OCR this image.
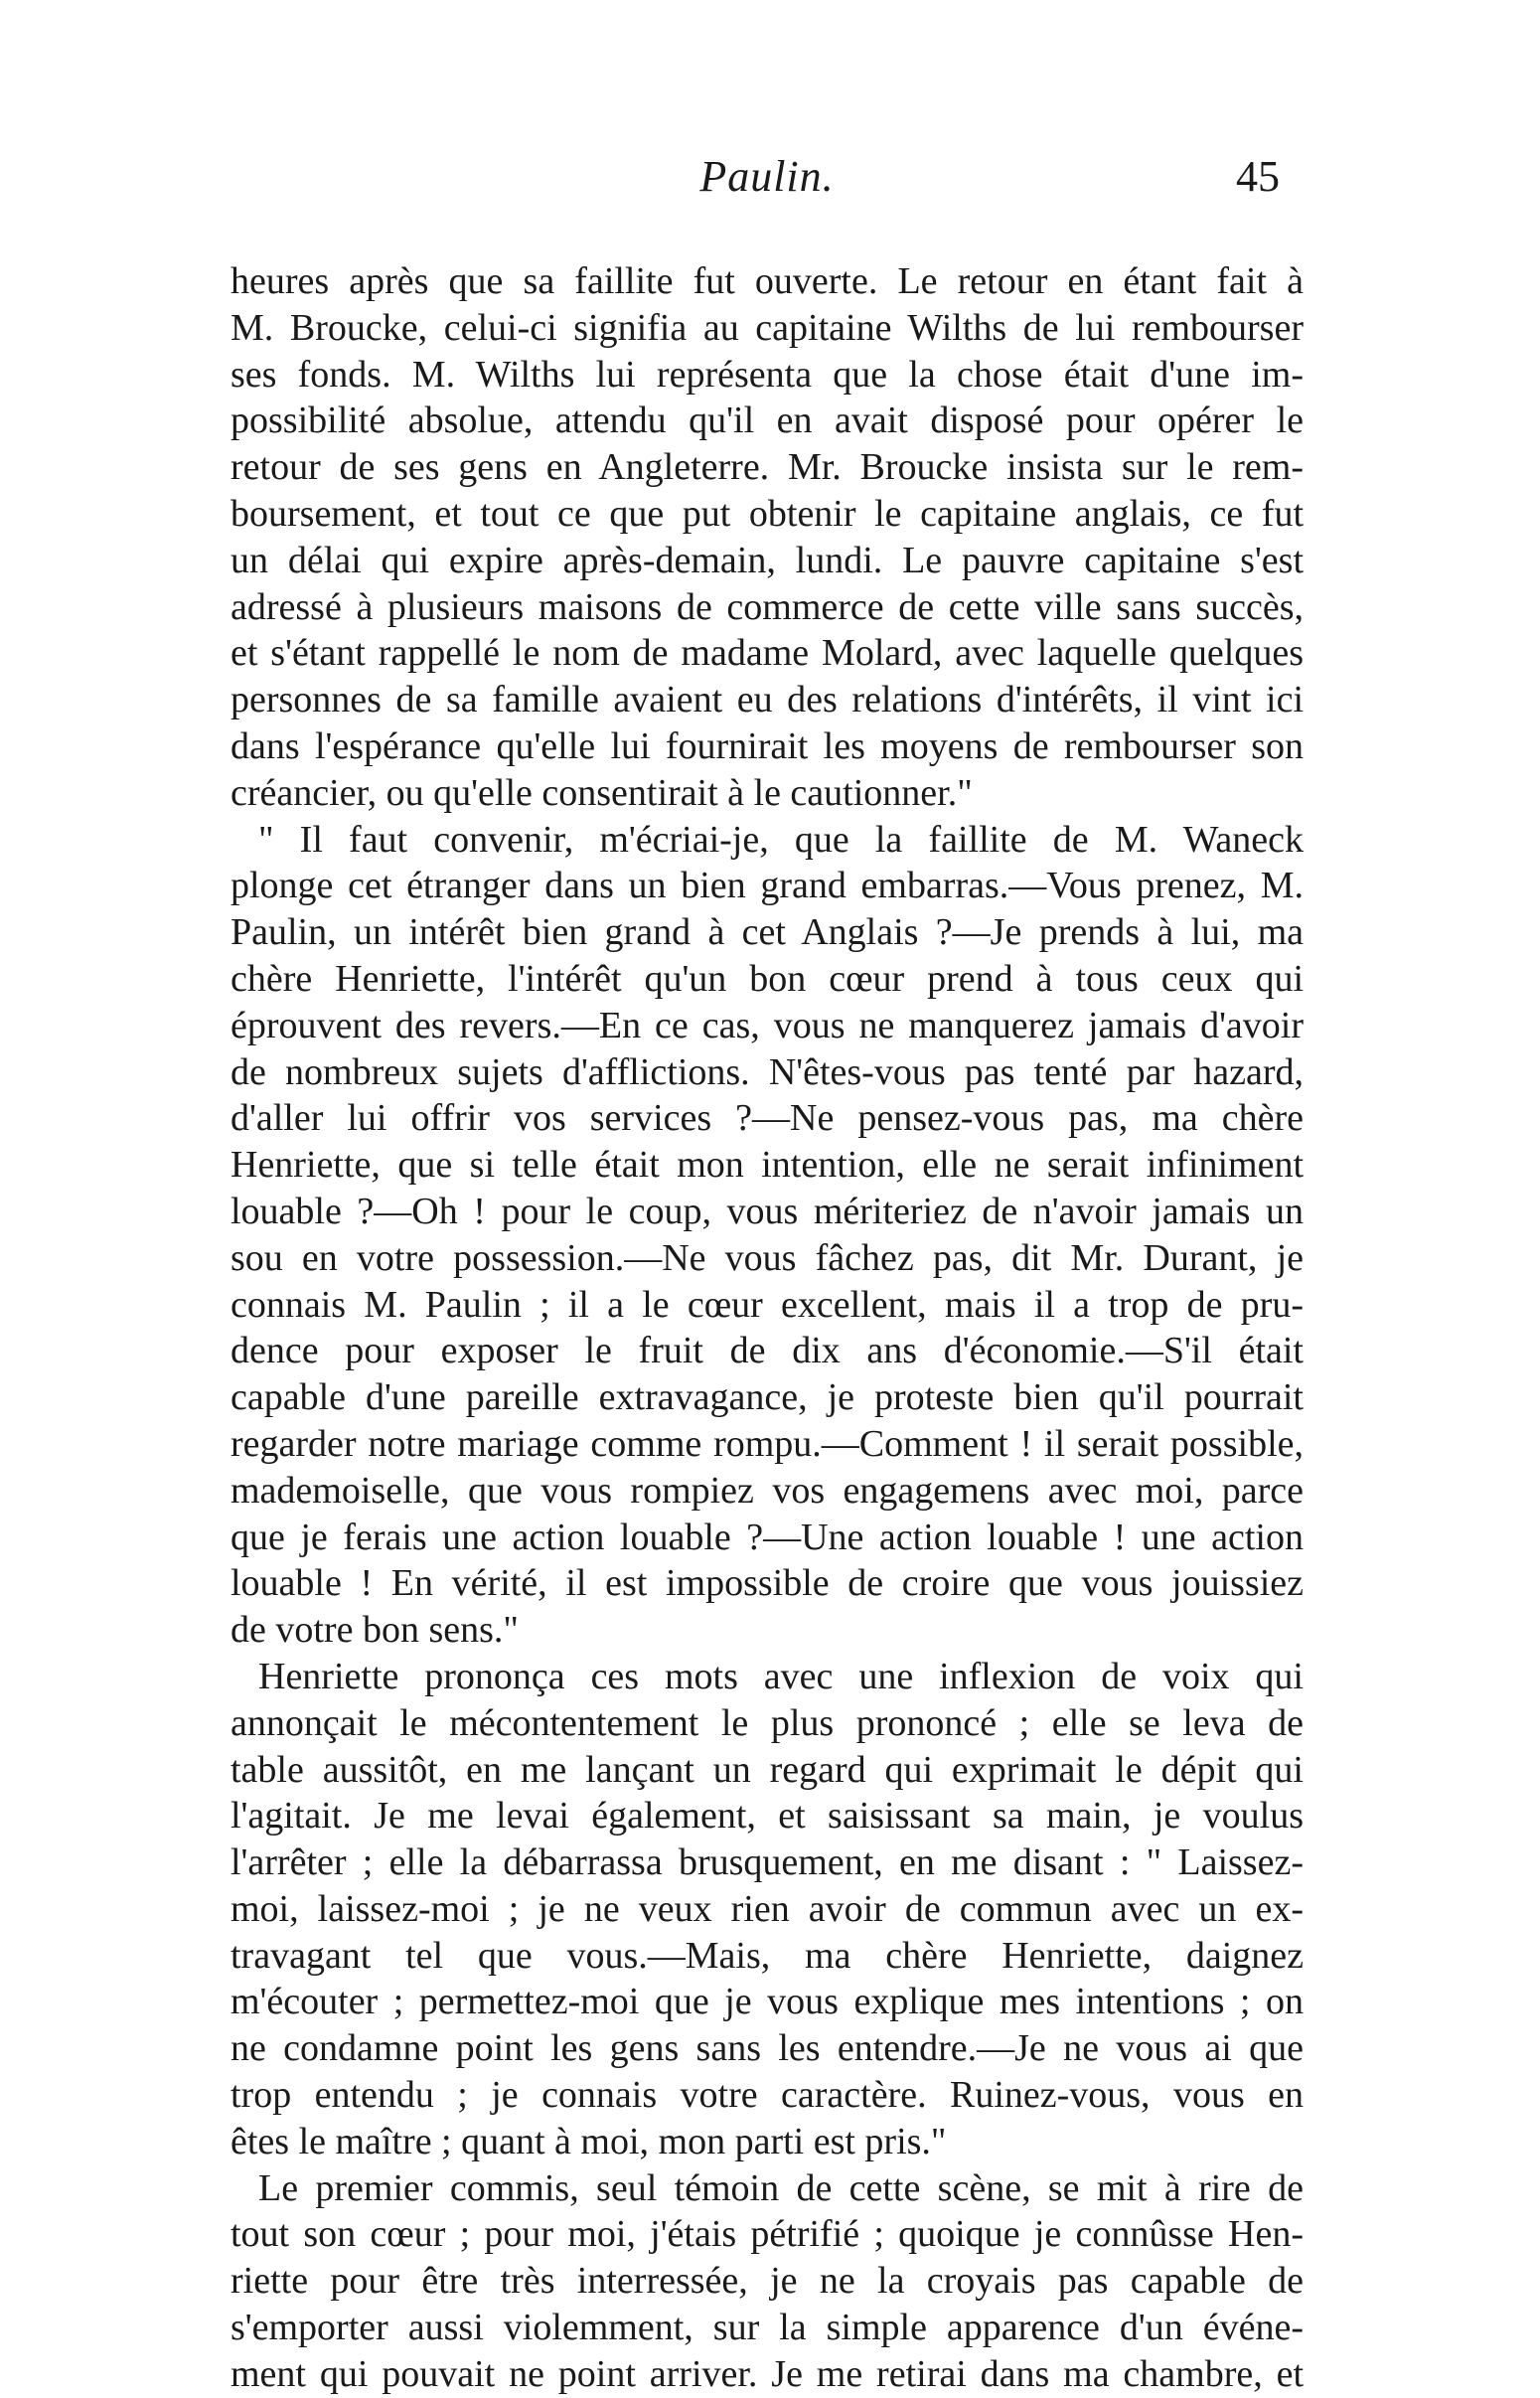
Paulin.	45
heures après que sa faillite fut ouverte. Le retour en étant fait à
M. Broucke, celui-ci signifia au capitaine Wilths de lui rembourser
ses fonds. M. Wilths lui représenta que la chose était d'une im-
possibilité absolue, attendu qu'il en avait disposé pour opérer le
retour de ses gens en Angleterre. Mr. Broucke insista sur le rem-
boursement, et tout ce que put obtenir le capitaine anglais, ce fut
un délai qui expire après-demain, lundi. Le pauvre capitaine s'est
adressé à plusieurs maisons de commerce de cette ville sans succès,
et s'étant rappellé le nom de madame Molard, avec laquelle quelques
personnes de sa famille avaient eu des relations d'intérêts, il vint ici
dans l'espérance qu'elle lui fournirait les moyens de rembourser son
créancier, ou qu'elle consentirait à le cautionner."
" Il faut convenir, m'écriai-je, que la faillite de M. Waneck
plonge cet étranger dans un bien grand embarras.—Vous prenez, M.
Paulin, un intérêt bien grand à cet Anglais ?—Je prends à lui, ma
chère Henriette, l'intérêt qu'un bon cœur prend à tous ceux qui
éprouvent des revers.—En ce cas, vous ne manquerez jamais d'avoir
de nombreux sujets d'afflictions. N'êtes-vous pas tenté par hazard,
d'aller lui offrir vos services ?—Ne pensez-vous pas, ma chère
Henriette, que si telle était mon intention, elle ne serait infiniment
louable ?—Oh ! pour le coup, vous mériteriez de n'avoir jamais un
sou en votre possession.—Ne vous fâchez pas, dit Mr. Durant, je
connais M. Paulin ; il a le cœur excellent, mais il a trop de pru-
dence pour exposer le fruit de dix ans d'économie.—S'il était
capable d'une pareille extravagance, je proteste bien qu'il pourrait
regarder notre mariage comme rompu.—Comment ! il serait possible,
mademoiselle, que vous rompiez vos engagemens avec moi, parce
que je ferais une action louable ?—Une action louable ! une action
louable ! En vérité, il est impossible de croire que vous jouissiez
de votre bon sens."
Henriette prononça ces mots avec une inflexion de voix qui
annonçait le mécontentement le plus prononcé ; elle se leva de
table aussitôt, en me lançant un regard qui exprimait le dépit qui
l'agitait. Je me levai également, et saisissant sa main, je voulus
l'arrêter ; elle la débarrassa brusquement, en me disant : " Laissez-
moi, laissez-moi ; je ne veux rien avoir de commun avec un ex-
travagant tel que vous.—Mais, ma chère Henriette, daignez
m'écouter ; permettez-moi que je vous explique mes intentions ; on
ne condamne point les gens sans les entendre.—Je ne vous ai que
trop entendu ; je connais votre caractère. Ruinez-vous, vous en
êtes le maître ; quant à moi, mon parti est pris."
Le premier commis, seul témoin de cette scène, se mit à rire de
tout son cœur ; pour moi, j'étais pétrifié ; quoique je connûsse Hen-
riette pour être très interressée, je ne la croyais pas capable de
s'emporter aussi violemment, sur la simple apparence d'un événe-
ment qui pouvait ne point arriver. Je me retirai dans ma chambre, et
